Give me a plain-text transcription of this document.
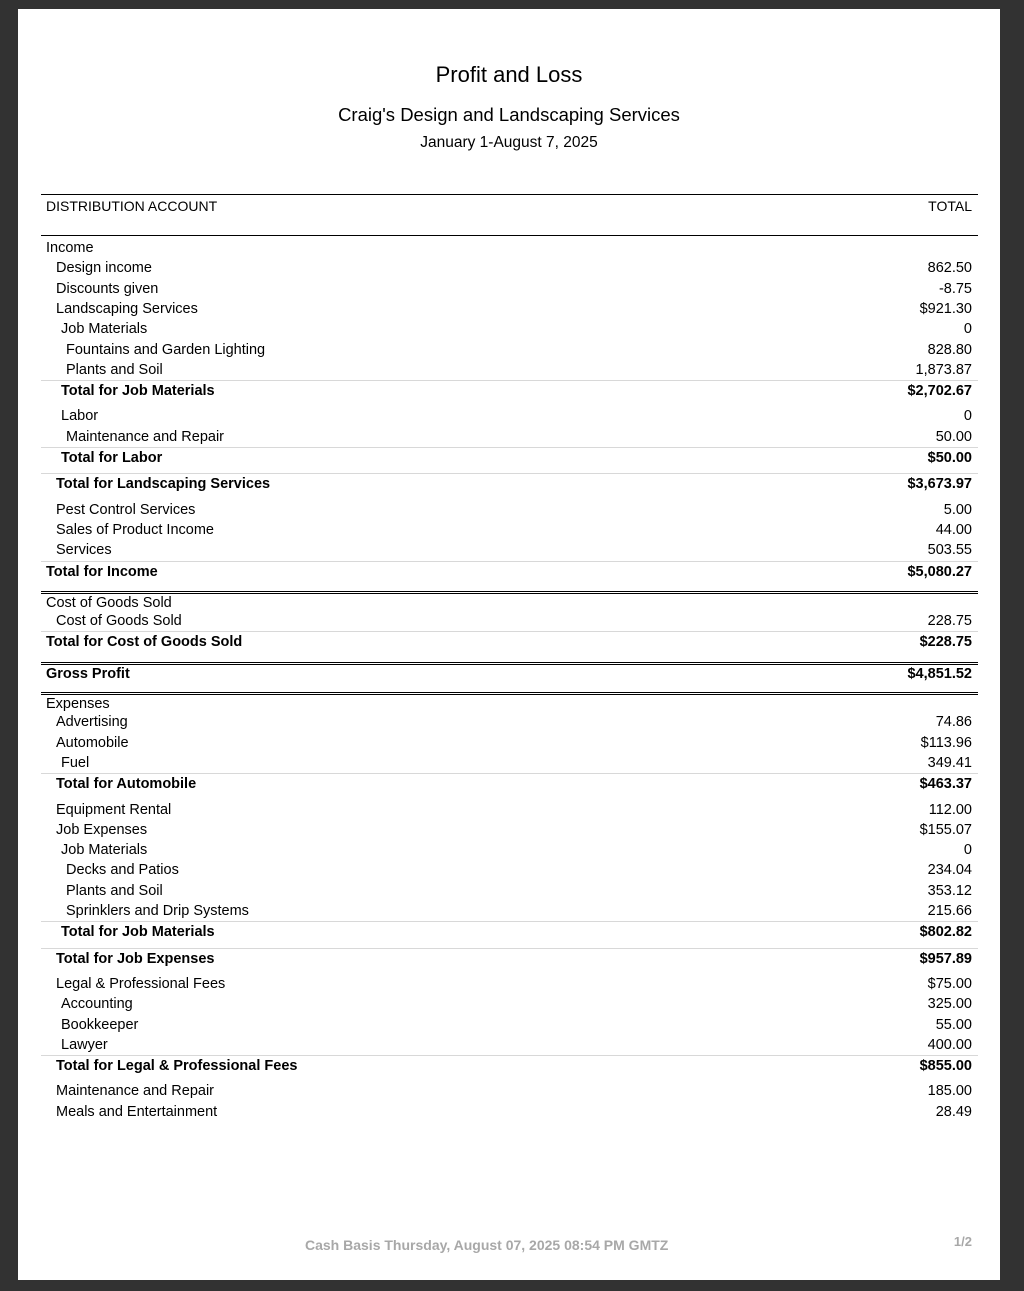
Profit and Loss
Craig's Design and Landscaping Services
January 1-August 7, 2025
DISTRIBUTION ACCOUNT	TOTAL
Income
Design income	862.50
Discounts given	-8.75
Landscaping Services	$921.30
Job Materials	0
Fountains and Garden Lighting	828.80
Plants and Soil	1,873.87
Total for Job Materials	$2,702.67
Labor	0
Maintenance and Repair	50.00
Total for Labor	$50.00
Total for Landscaping Services	$3,673.97
Pest Control Services	5.00
Sales of Product Income	44.00
Services	503.55
Total for Income	$5,080.27
Cost of Goods Sold
Cost of Goods Sold	228.75
Total for Cost of Goods Sold	$228.75
Gross Profit	$4,851.52
Expenses
Advertising	74.86
Automobile	$113.96
Fuel	349.41
Total for Automobile	$463.37
Equipment Rental	112.00
Job Expenses	$155.07
Job Materials	0
Decks and Patios	234.04
Plants and Soil	353.12
Sprinklers and Drip Systems	215.66
Total for Job Materials	$802.82
Total for Job Expenses	$957.89
Legal & Professional Fees	$75.00
Accounting	325.00
Bookkeeper	55.00
Lawyer	400.00
Total for Legal & Professional Fees	$855.00
Maintenance and Repair	185.00
Meals and Entertainment	28.49
Cash Basis Thursday, August 07, 2025 08:54 PM GMTZ	1/2
